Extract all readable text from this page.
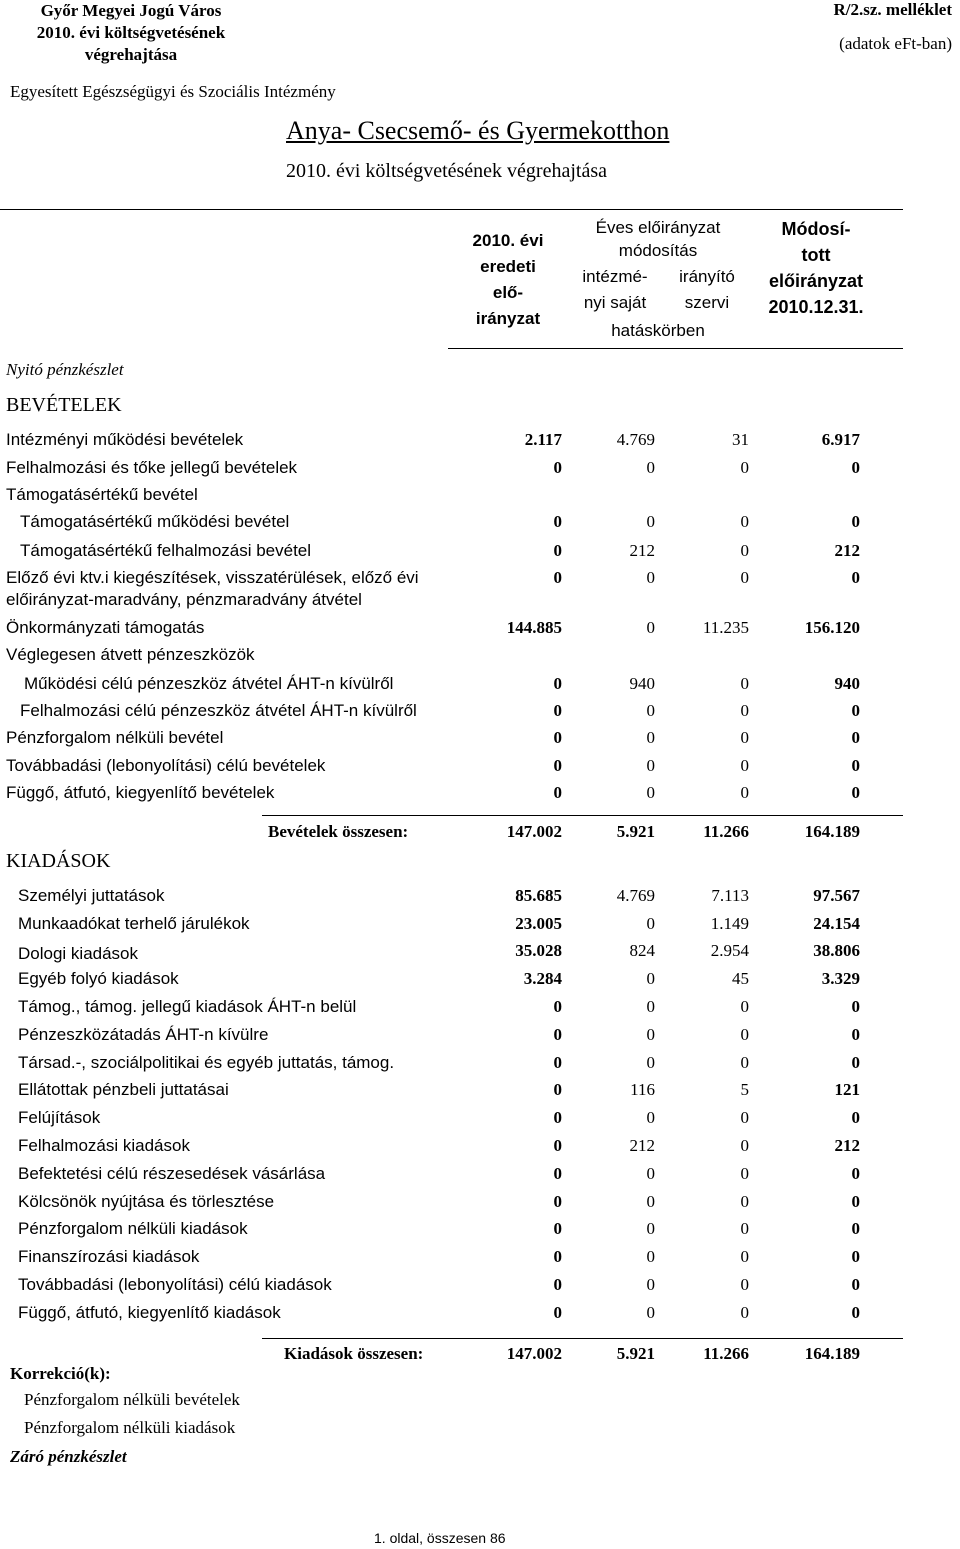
Győr Megyei Jogú Város
2010. évi költségvetésének
végrehajtása
R/2.sz. melléklet
(adatok eFt-ban)
Egyesített Egészségügyi és Szociális Intézmény
Anya- Csecsemő- és Gyermekotthon
2010. évi költségvetésének végrehajtása
2010. évi
eredeti
elő-
irányzat
Éves előirányzat
módosítás
intézmé-
nyi saját
irányító
szervi
hatáskörben
Módosí-
tott
előirányzat
2010.12.31.
Nyitó pénzkészlet
BEVÉTELEK
Intézményi működési bevételek	2.117	4.769	31	6.917
Felhalmozási és tőke jellegű bevételek	0	0	0	0
Támogatásértékű bevétel
Támogatásértékű működési bevétel	0	0	0	0
Támogatásértékű felhalmozási bevétel	0	212	0	212
Előző évi ktv.i kiegészítések, visszatérülések, előző évi
előirányzat-maradvány, pénzmaradvány átvétel
0	0	0	0
Önkormányzati támogatás	144.885	0	11.235	156.120
Véglegesen átvett pénzeszközök
Működési célú pénzeszköz átvétel ÁHT-n kívülről	0	940	0	940
Felhalmozási célú pénzeszköz átvétel ÁHT-n kívülről	0	0	0	0
Pénzforgalom nélküli bevétel	0	0	0	0
Továbbadási (lebonyolítási) célú bevételek	0	0	0	0
Függő, átfutó, kiegyenlítő bevételek	0	0	0	0
Bevételek összesen:	147.002	5.921	11.266	164.189
KIADÁSOK
Személyi juttatások	85.685	4.769	7.113	97.567
Munkaadókat terhelő járulékok	23.005	0	1.149	24.154
Dologi kiadások	35.028	824	2.954	38.806
Egyéb folyó kiadások	3.284	0	45	3.329
Támog., támog. jellegű kiadások ÁHT-n belül	0	0	0	0
Pénzeszközátadás ÁHT-n kívülre	0	0	0	0
Társad.-, szociálpolitikai és egyéb juttatás, támog.	0	0	0	0
Ellátottak pénzbeli juttatásai	0	116	5	121
Felújítások	0	0	0	0
Felhalmozási kiadások	0	212	0	212
Befektetési célú részesedések vásárlása	0	0	0	0
Kölcsönök nyújtása és törlesztése	0	0	0	0
Pénzforgalom nélküli kiadások	0	0	0	0
Finanszírozási kiadások	0	0	0	0
Továbbadási (lebonyolítási) célú kiadások	0	0	0	0
Függő, átfutó, kiegyenlítő kiadások	0	0	0	0
Kiadások összesen:	147.002	5.921	11.266	164.189
Korrekció(k):
Pénzforgalom nélküli bevételek
Pénzforgalom nélküli kiadások
Záró pénzkészlet
1. oldal, összesen 86
